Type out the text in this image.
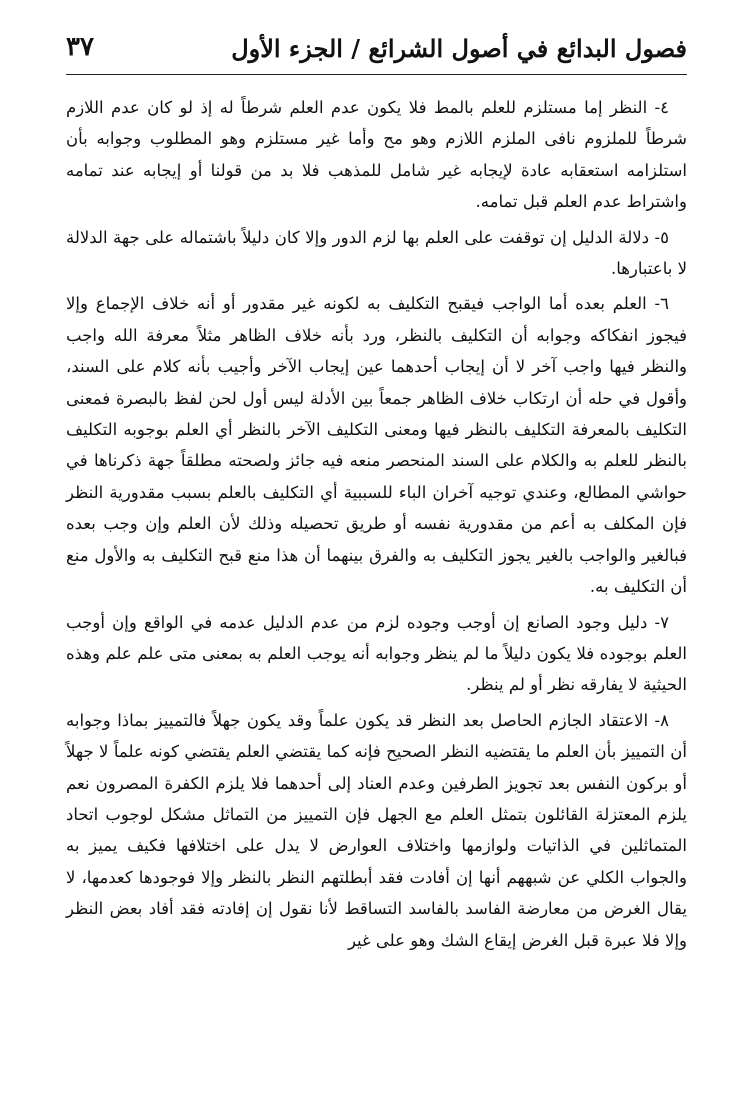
فصول البدائع في أصول الشرائع / الجزء الأول
٣٧

٤- النظر إما مستلزم للعلم بالمط فلا يكون عدم العلم شرطاً له إذ لو كان عدم اللازم شرطاً للملزوم نافى الملزم اللازم وهو مح وأما غير مستلزم وهو المطلوب وجوابه بأن استلزامه استعقابه عادة لإيجابه غير شامل للمذهب فلا بد من قولنا أو إيجابه عند تمامه واشتراط عدم العلم قبل تمامه.

٥- دلالة الدليل إن توقفت على العلم بها لزم الدور وإلا كان دليلاً باشتماله على جهة الدلالة لا باعتبارها.

٦- العلم بعده أما الواجب فيقبح التكليف به لكونه غير مقدور أو أنه خلاف الإجماع وإلا فيجوز انفكاكه وجوابه أن التكليف بالنظر، ورد بأنه خلاف الظاهر مثلاً معرفة الله واجب والنظر فيها واجب آخر لا أن إيجاب أحدهما عين إيجاب الآخر وأجيب بأنه كلام على السند، وأقول في حله أن ارتكاب خلاف الظاهر جمعاً بين الأدلة ليس أول لحن لفظ بالبصرة فمعنى التكليف بالمعرفة التكليف بالنظر فيها ومعنى التكليف الآخر بالنظر أي العلم بوجوبه التكليف بالنظر للعلم به والكلام على السند المنحصر منعه فيه جائز ولصحته مطلقاً جهة ذكرناها في حواشي المطالع، وعندي توجيه آخران الباء للسببية أي التكليف بالعلم بسبب مقدورية النظر فإن المكلف به أعم من مقدورية نفسه أو طريق تحصيله وذلك لأن العلم وإن وجب بعده فبالغير والواجب بالغير يجوز التكليف به والفرق بينهما أن هذا منع قبح التكليف به والأول منع أن التكليف به.

٧- دليل وجود الصانع إن أوجب وجوده لزم من عدم الدليل عدمه في الواقع وإن أوجب العلم بوجوده فلا يكون دليلاً ما لم ينظر وجوابه أنه يوجب العلم به بمعنى متى علم علم وهذه الحيثية لا يفارقه نظر أو لم ينظر.

٨- الاعتقاد الجازم الحاصل بعد النظر قد يكون علماً وقد يكون جهلاً فالتمييز بماذا وجوابه أن التمييز بأن العلم ما يقتضيه النظر الصحيح فإنه كما يقتضي العلم يقتضي كونه علماً لا جهلاً أو بركون النفس بعد تجويز الطرفين وعدم العناد إلى أحدهما فلا يلزم الكفرة المصرون نعم يلزم المعتزلة القائلون بتمثل العلم مع الجهل فإن التمييز من التماثل مشكل لوجوب اتحاد المتماثلين في الذاتيات ولوازمها واختلاف العوارض لا يدل على اختلافها فكيف يميز به والجواب الكلي عن شبههم أنها إن أفادت فقد أبطلتهم النظر بالنظر وإلا فوجودها كعدمها، لا يقال الغرض من معارضة الفاسد بالفاسد التساقط لأنا نقول إن إفادته فقد أفاد بعض النظر وإلا فلا عبرة قبل الغرض إيقاع الشك وهو على غير
